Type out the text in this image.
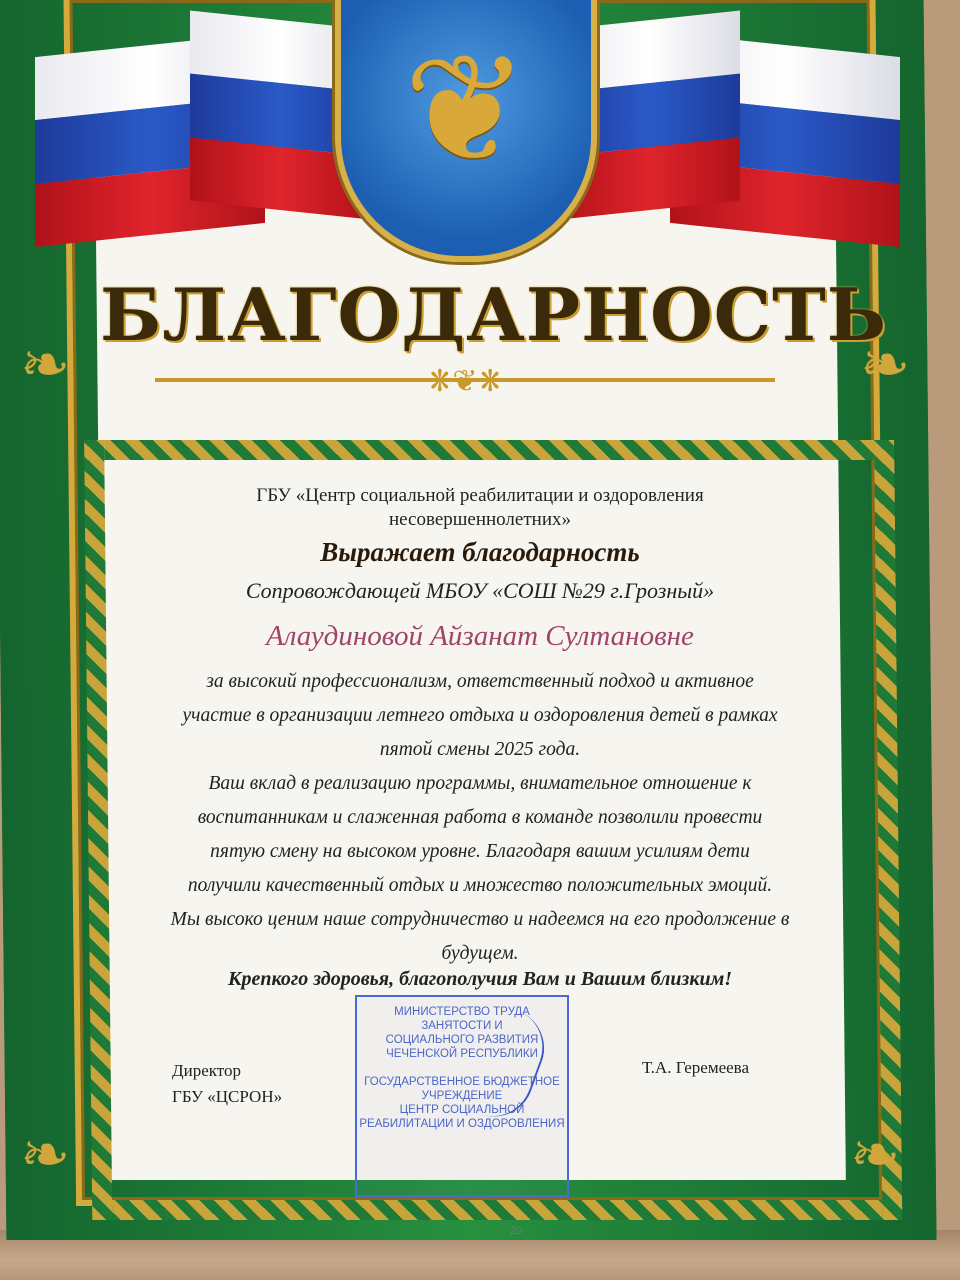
❦
❧	❧
❧	❧
БЛАГОДАРНОСТЬ
❋❦❋
ГБУ «Центр социальной реабилитации и оздоровления
несовершеннолетних»
Выражает благодарность
Сопровождающей МБОУ «СОШ №29 г.Грозный»
Алаудиновой Айзанат Султановне
за высокий профессионализм, ответственный подход и активное
участие в организации летнего отдыха и оздоровления детей в рамках
пятой смены 2025 года.
Ваш вклад в реализацию программы, внимательное отношение к
воспитанникам и слаженная работа в команде позволили провести
пятую смену на высоком уровне. Благодаря вашим усилиям дети
получили качественный отдых и множество положительных эмоций.
Мы высоко ценим наше сотрудничество и надеемся на его продолжение в
будущем.
Крепкого здоровья, благополучия Вам и Вашим близким!
Директор
ГБУ «ЦСРОН»
МИНИСТЕРСТВО ТРУДА
ЗАНЯТОСТИ И
СОЦИАЛЬНОГО РАЗВИТИЯ
ЧЕЧЕНСКОЙ РЕСПУБЛИКИ
ГОСУДАРСТВЕННОЕ БЮДЖЕТНОЕ
УЧРЕЖДЕНИЕ
ЦЕНТР СОЦИАЛЬНОЙ
РЕАБИЛИТАЦИИ И ОЗДОРОВЛЕНИЯ
Т.А. Геремеева
20
